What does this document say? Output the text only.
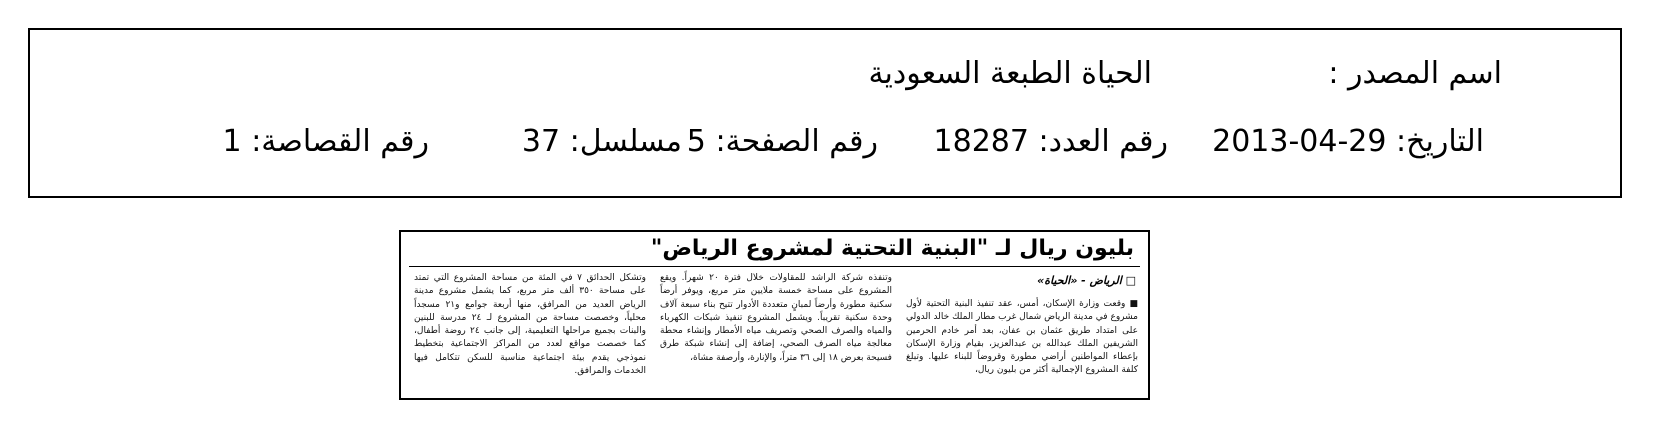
اسم المصدر :
الحياة الطبعة السعودية
التاريخ: 2013-04-29
رقم العدد: 18287
رقم الصفحة: 5
مسلسل: 37
رقم القصاصة: 1
بليون ريال لـ "البنية التحتية لمشروع الرياض"
□ الرياض - «الحياة»
■ وقعت وزارة الإسكان، أمس، عقد تنفيذ البنية التحتية لأول مشروع في مدينة الرياض شمال غرب مطار الملك خالد الدولي على امتداد طريق عثمان بن عفان، بعد أمر خادم الحرمين الشريفين الملك عبدالله بن عبدالعزيز، بقيام وزارة الإسكان بإعطاء المواطنين أراضي مطورة وقروضاً للبناء عليها. وتبلغ كلفة المشروع الإجمالية أكثر من بليون ريال،
وتنفذه شركة الراشد للمقاولات خلال فترة ٢٠ شهراً. ويقع المشروع على مساحة خمسة ملايين متر مربع، ويوفر أرضاً سكنية مطورة وأرضاً لمبانٍ متعددة الأدوار تتيح بناء سبعة آلاف وحدة سكنية تقريباً. ويشمل المشروع تنفيذ شبكات الكهرباء والمياه والصرف الصحي وتصريف مياه الأمطار وإنشاء محطة معالجة مياه الصرف الصحي، إضافة إلى إنشاء شبكة طرق فسيحة بعرض ١٨ إلى ٣٦ متراً، والإنارة، وأرصفة مشاة،
وتشكل الحدائق ٧ في المئة من مساحة المشروع التي تمتد على مساحة ٣٥٠ ألف متر مربع، كما يشمل مشروع مدينة الرياض العديد من المرافق، منها أربعة جوامع و٢١ مسجداً محلياً، وخصصت مساحة من المشروع لـ ٢٤ مدرسة للبنين والبنات بجميع مراحلها التعليمية، إلى جانب ٢٤ روضة أطفال، كما خصصت مواقع لعدد من المراكز الاجتماعية بتخطيط نموذجي يقدم بيئة اجتماعية مناسبة للسكن تتكامل فيها الخدمات والمرافق.
